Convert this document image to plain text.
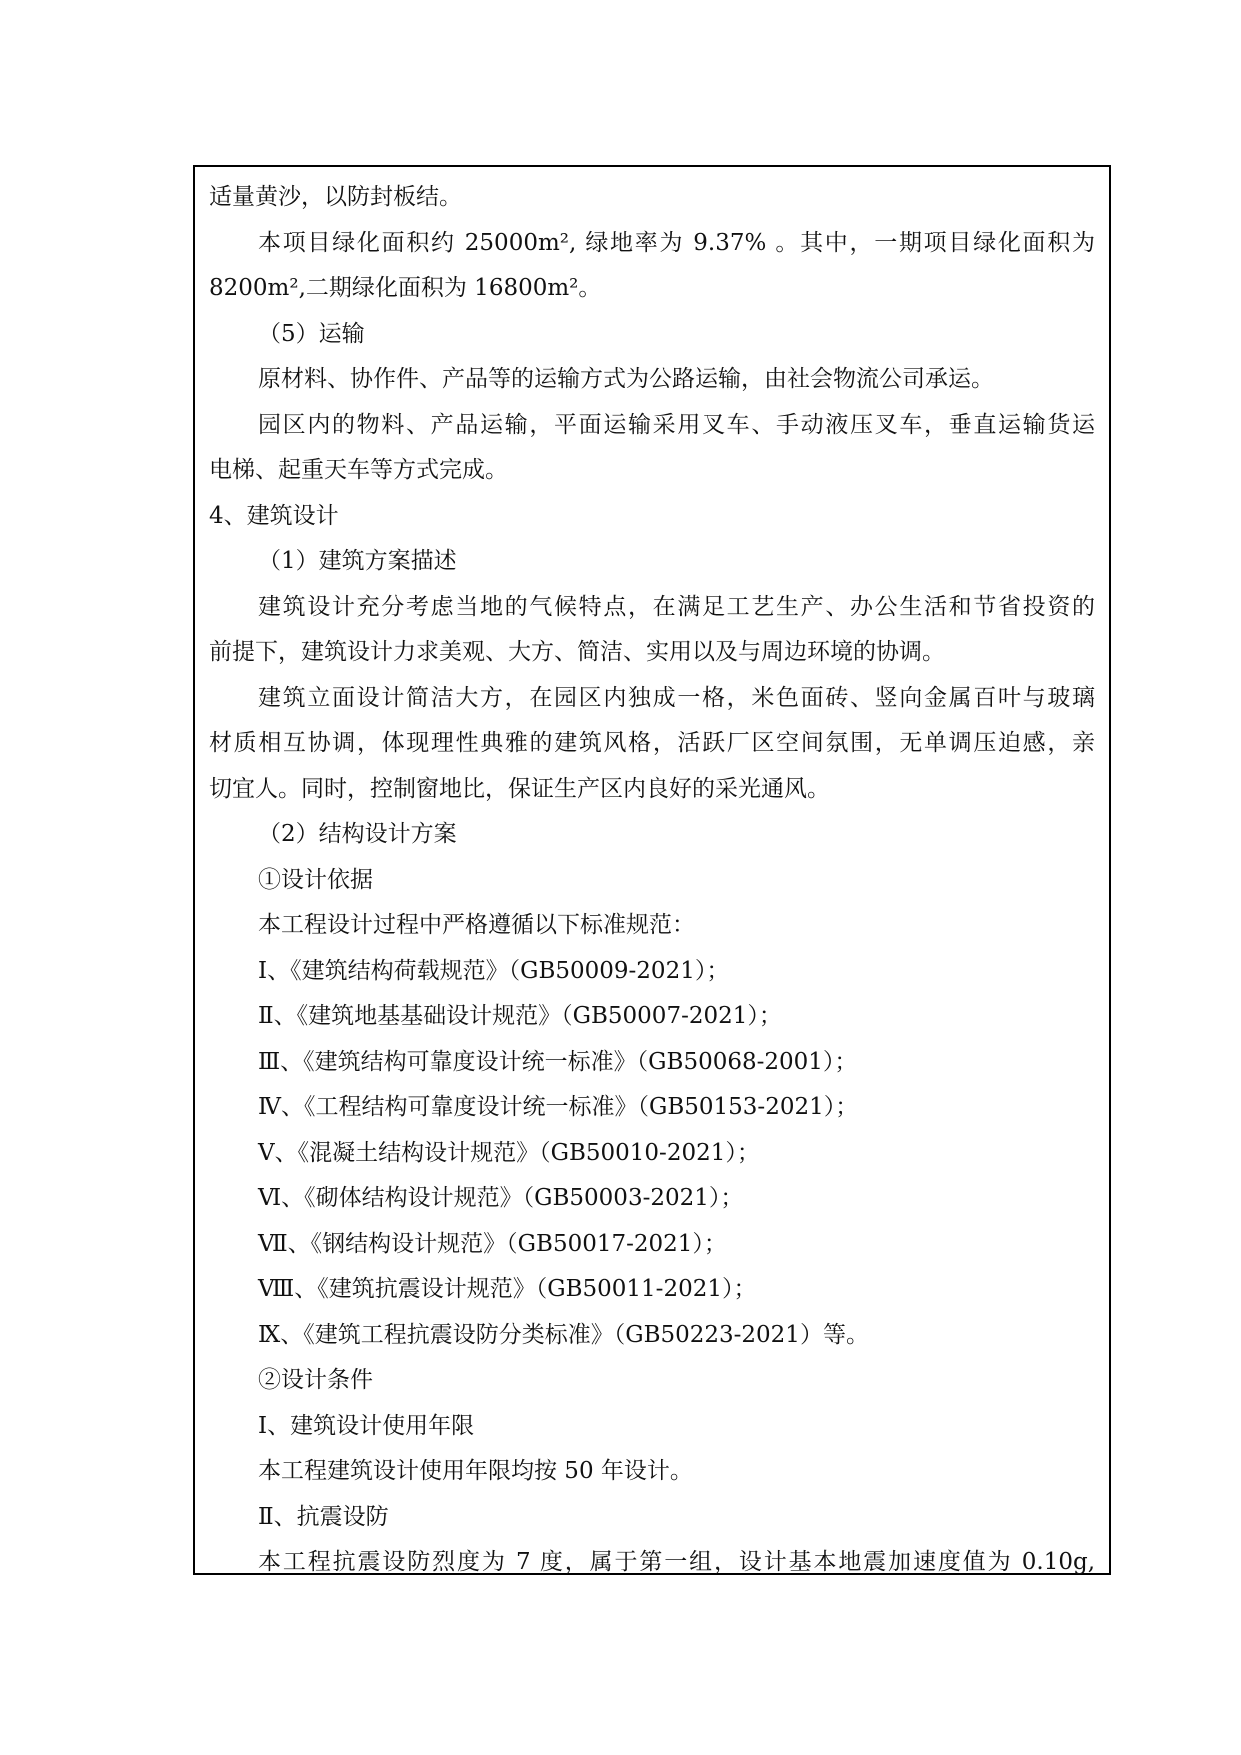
适量黄沙，以防封板结。
本项目绿化面积约 25000m², 绿地率为 9.37% 。其中，一期项目绿化面积为
8200m²,二期绿化面积为 16800m²。
（5）运输
原材料、协作件、产品等的运输方式为公路运输，由社会物流公司承运。
园区内的物料、产品运输，平面运输采用叉车、手动液压叉车，垂直运输货运
电梯、起重天车等方式完成。
4、建筑设计
（1）建筑方案描述
建筑设计充分考虑当地的气候特点，在满足工艺生产、办公生活和节省投资的
前提下，建筑设计力求美观、大方、简洁、实用以及与周边环境的协调。
建筑立面设计简洁大方，在园区内独成一格，米色面砖、竖向金属百叶与玻璃
材质相互协调，体现理性典雅的建筑风格，活跃厂区空间氛围，无单调压迫感，亲
切宜人。同时，控制窗地比，保证生产区内良好的采光通风。
（2）结构设计方案
①设计依据
本工程设计过程中严格遵循以下标准规范：
Ⅰ、《建筑结构荷载规范》（GB50009-2021）；
Ⅱ、《建筑地基基础设计规范》（GB50007-2021）；
Ⅲ、《建筑结构可靠度设计统一标准》（GB50068-2001）；
Ⅳ、《工程结构可靠度设计统一标准》（GB50153-2021）；
Ⅴ、《混凝土结构设计规范》（GB50010-2021）；
Ⅵ、《砌体结构设计规范》（GB50003-2021）；
Ⅶ、《钢结构设计规范》（GB50017-2021）；
Ⅷ、《建筑抗震设计规范》（GB50011-2021）；
Ⅸ、《建筑工程抗震设防分类标准》（GB50223-2021）等。
②设计条件
Ⅰ、建筑设计使用年限
本工程建筑设计使用年限均按 50 年设计。
Ⅱ、抗震设防
本工程抗震设防烈度为 7 度，属于第一组，设计基本地震加速度值为 0.10g,
